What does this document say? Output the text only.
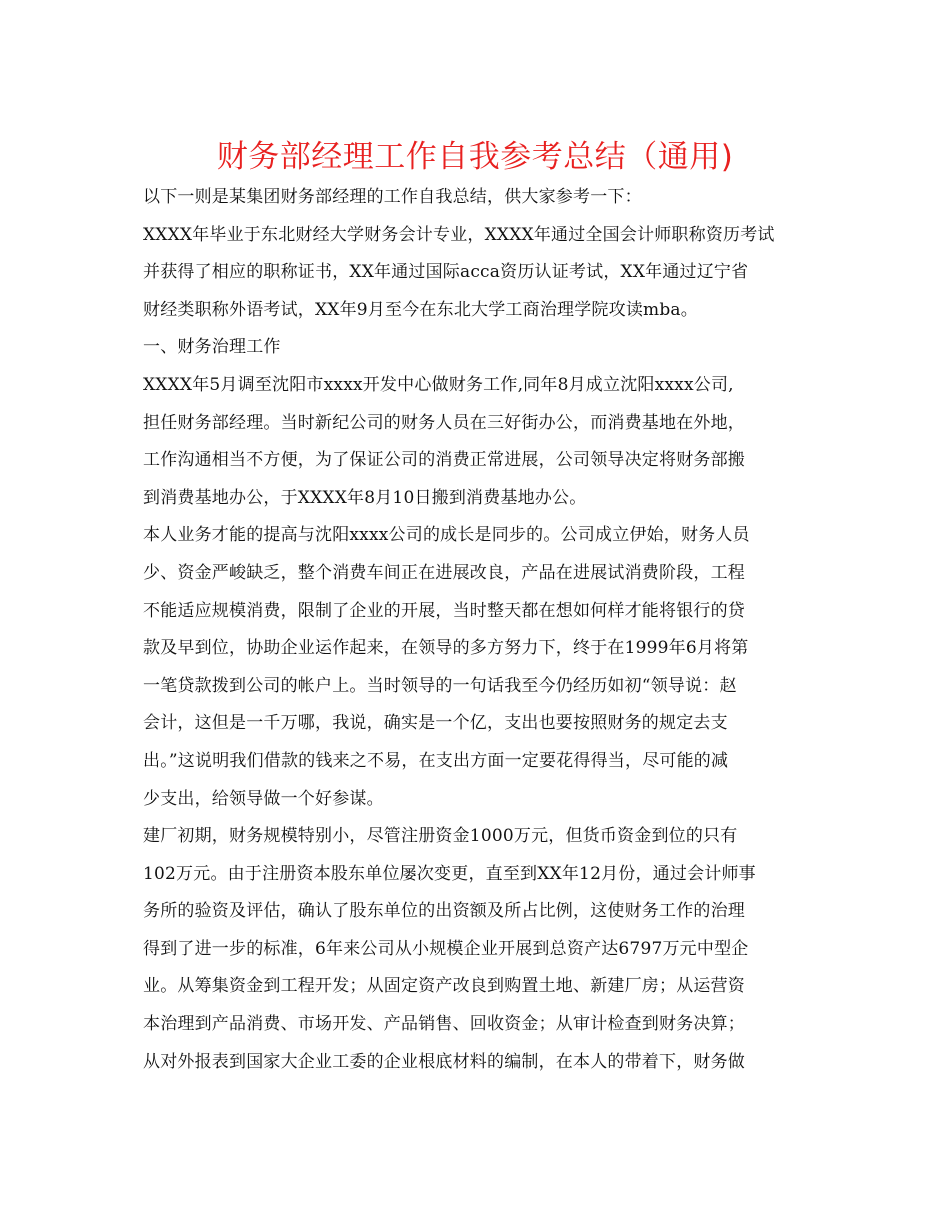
财务部经理工作自我参考总结（通用)
以下一则是某集团财务部经理的工作自我总结，供大家参考一下：
XXXX年毕业于东北财经大学财务会计专业，XXXX年通过全国会计师职称资历考试
并获得了相应的职称证书，XX年通过国际acca资历认证考试，XX年通过辽宁省
财经类职称外语考试，XX年9月至今在东北大学工商治理学院攻读mba。
一、财务治理工作
XXXX年5月调至沈阳市xxxx开发中心做财务工作,同年8月成立沈阳xxxx公司,
担任财务部经理。当时新纪公司的财务人员在三好街办公，而消费基地在外地，
工作沟通相当不方便，为了保证公司的消费正常进展，公司领导决定将财务部搬
到消费基地办公，于XXXX年8月10日搬到消费基地办公。
本人业务才能的提高与沈阳xxxx公司的成长是同步的。公司成立伊始，财务人员
少、资金严峻缺乏，整个消费车间正在进展改良，产品在进展试消费阶段，工程
不能适应规模消费，限制了企业的开展，当时整天都在想如何样才能将银行的贷
款及早到位，协助企业运作起来，在领导的多方努力下，终于在1999年6月将第
一笔贷款拨到公司的帐户上。当时领导的一句话我至今仍经历如初“领导说：赵
会计，这但是一千万哪，我说，确实是一个亿，支出也要按照财务的规定去支
出。”这说明我们借款的钱来之不易，在支出方面一定要花得得当，尽可能的减
少支出，给领导做一个好参谋。
建厂初期，财务规模特别小，尽管注册资金1000万元，但货币资金到位的只有
102万元。由于注册资本股东单位屡次变更，直至到XX年12月份，通过会计师事
务所的验资及评估，确认了股东单位的出资额及所占比例，这使财务工作的治理
得到了进一步的标准，6年来公司从小规模企业开展到总资产达6797万元中型企
业。从筹集资金到工程开发；从固定资产改良到购置土地、新建厂房；从运营资
本治理到产品消费、市场开发、产品销售、回收资金；从审计检查到财务决算；
从对外报表到国家大企业工委的企业根底材料的编制，在本人的带着下，财务做
